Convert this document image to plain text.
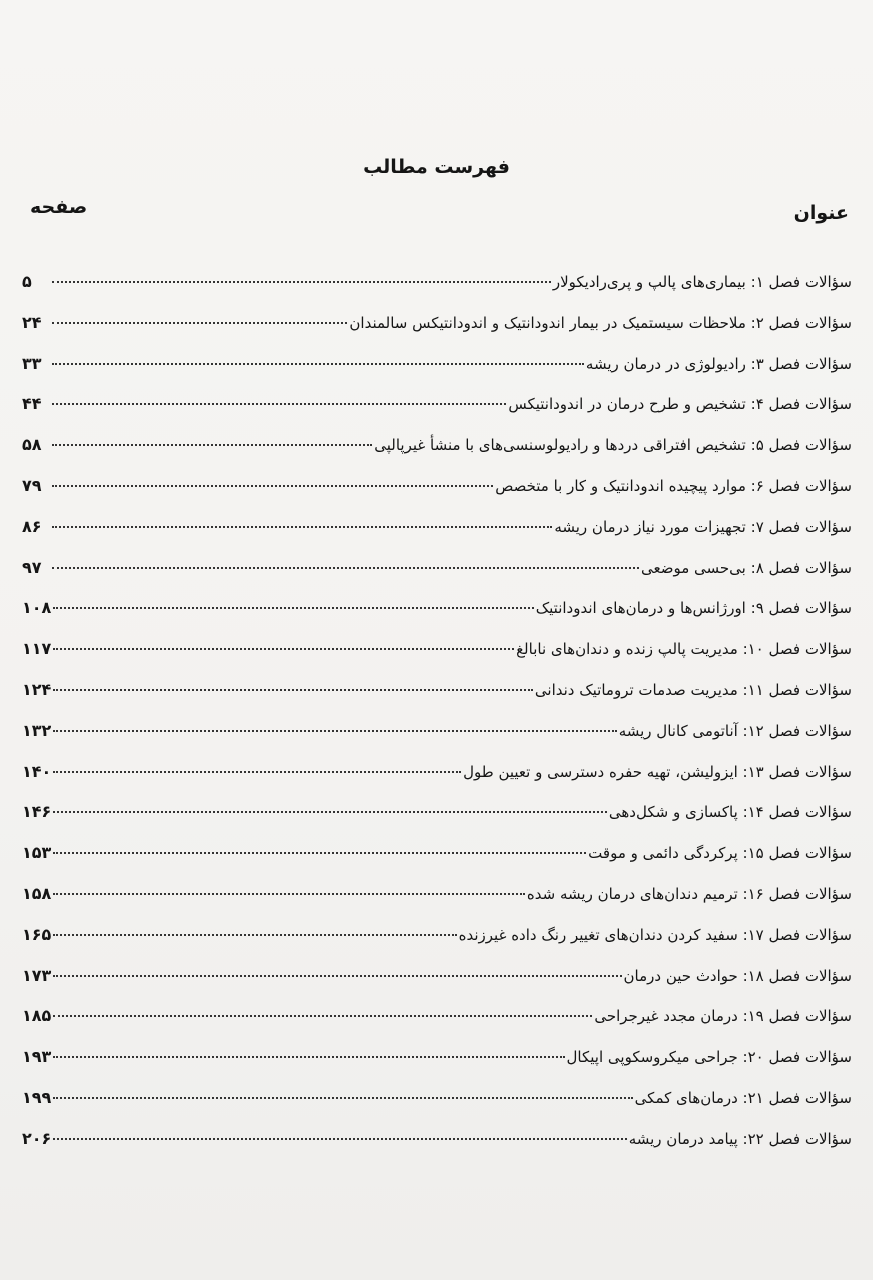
فهرست مطالب
عنوان
صفحه
سؤالات فصل ۱: بیماری‌های پالپ و پری‌رادیکولار
۵
سؤالات فصل ۲: ملاحظات سیستمیک در بیمار اندودانتیک و اندودانتیکس سالمندان
۲۴
سؤالات فصل ۳: رادیولوژی در درمان ریشه
۳۳
سؤالات فصل ۴: تشخیص و طرح درمان در اندودانتیکس
۴۴
سؤالات فصل ۵: تشخیص افتراقی دردها و رادیولوسنسی‌های با منشأ غیرپالپی
۵۸
سؤالات فصل ۶: موارد پیچیده اندودانتیک و کار با متخصص
۷۹
سؤالات فصل ۷: تجهیزات مورد نیاز درمان ریشه
۸۶
سؤالات فصل ۸: بی‌حسی موضعی
۹۷
سؤالات فصل ۹: اورژانس‌ها و درمان‌های اندودانتیک
۱۰۸
سؤالات فصل ۱۰: مدیریت پالپ زنده و دندان‌های نابالغ
۱۱۷
سؤالات فصل ۱۱: مدیریت صدمات تروماتیک دندانی
۱۲۴
سؤالات فصل ۱۲: آناتومی کانال ریشه
۱۳۲
سؤالات فصل ۱۳: ایزولیشن، تهیه حفره دسترسی و تعیین طول
۱۴۰
سؤالات فصل ۱۴: پاکسازی و شکل‌دهی
۱۴۶
سؤالات فصل ۱۵: پرکردگی دائمی و موقت
۱۵۳
سؤالات فصل ۱۶: ترمیم دندان‌های درمان ریشه شده
۱۵۸
سؤالات فصل ۱۷: سفید کردن دندان‌های تغییر رنگ داده غیرزنده
۱۶۵
سؤالات فصل ۱۸: حوادث حین درمان
۱۷۳
سؤالات فصل ۱۹: درمان مجدد غیرجراحی
۱۸۵
سؤالات فصل ۲۰: جراحی میکروسکوپی اپیکال
۱۹۳
سؤالات فصل ۲۱: درمان‌های کمکی
۱۹۹
سؤالات فصل ۲۲: پیامد درمان ریشه
۲۰۶
